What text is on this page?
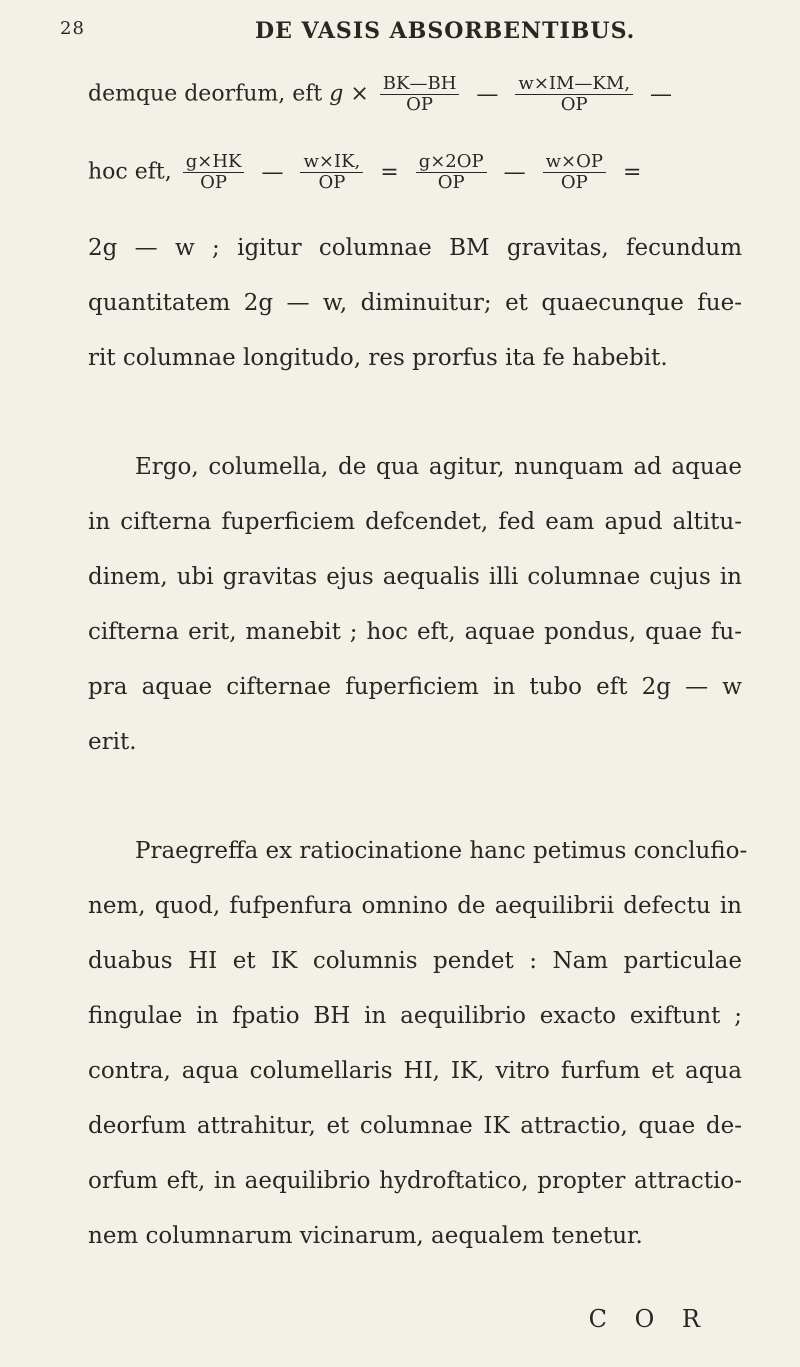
28	DE VASIS ABSORBENTIBUS.
demque deorfum, eft $g \times \frac{BK—BH}{OP}$ — $\frac{w\times IM—KM,}{OP}$ —
hoc eft, $\frac{g\times HK}{OP}$ — $\frac{w\times IK,}{OP} = \frac{g\times 2OP}{OP}$ — $\frac{w\times OP}{OP}$ =
2g — w ; igitur columnae BM gravitas, fecundum
quantitatem 2g — w, diminuitur; et quaecunque fue-
rit columnae longitudo, res prorfus ita fe habebit.
Ergo, columella, de qua agitur, nunquam ad aquae
in cifterna fuperficiem defcendet, fed eam apud altitu-
dinem, ubi gravitas ejus aequalis illi columnae cujus in
cifterna erit, manebit ; hoc eft, aquae pondus, quae fu-
pra aquae cifternae fuperficiem in tubo eft 2g — w
erit.
Praegreffa ex ratiocinatione hanc petimus conclufio-
nem, quod, fufpenfura omnino de aequilibrii defectu in
duabus HI et IK columnis pendet : Nam particulae
fingulae in fpatio BH in aequilibrio exacto exiftunt ;
contra, aqua columellaris HI, IK, vitro furfum et aqua
deorfum attrahitur, et columnae IK attractio, quae de-
orfum eft, in aequilibrio hydroftatico, propter attractio-
nem columnarum vicinarum, aequalem tenetur.
C O R
